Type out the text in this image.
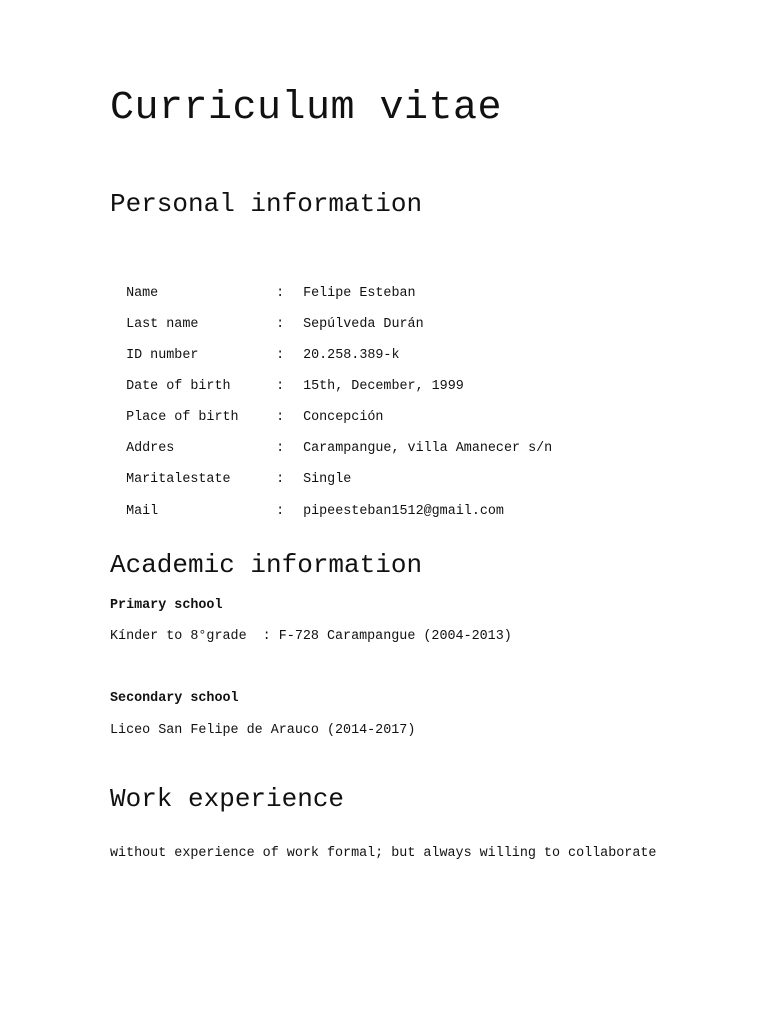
Curriculum vitae
Personal information

Name	: Felipe Esteban

Last name	: Sepúlveda Durán

ID number	: 20.258.389-k

Date of birth	: 15th, December, 1999

Place of birth	: Concepción

Addres	: Carampangue, villa Amanecer s/n

Maritalestate	: Single

Mail	: pipeesteban1512@gmail.com

Academic information
Primary school
Kínder to 8°grade  : F-728 Carampangue (2004-2013)
Secondary school
Liceo San Felipe de Arauco (2014-2017)
Work experience
without experience of work formal; but always willing to collaborate
